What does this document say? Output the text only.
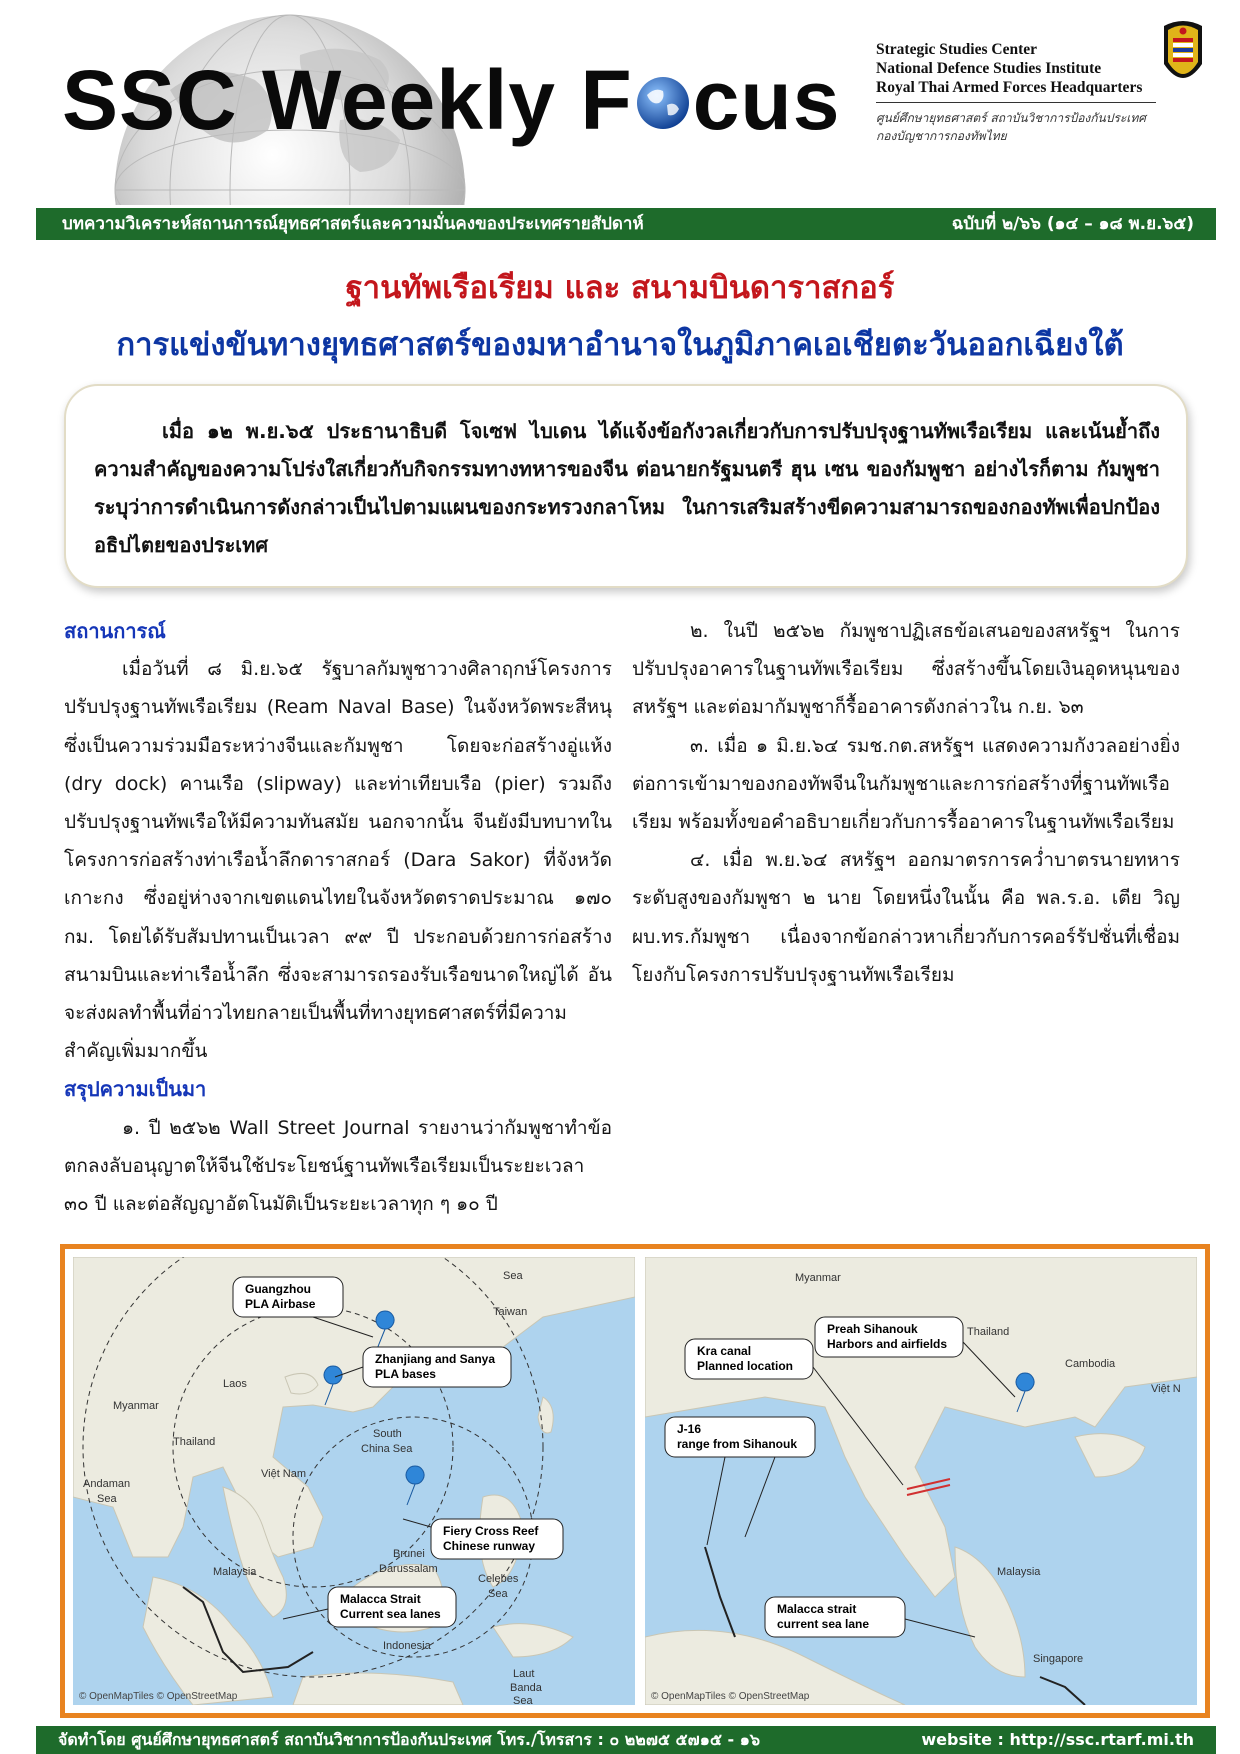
SSC Weekly F cus
Strategic Studies Center
National Defence Studies Institute
Royal Thai Armed Forces Headquarters
ศูนย์ศึกษายุทธศาสตร์ สถาบันวิชาการป้องกันประเทศ
กองบัญชาการกองทัพไทย
บทความวิเคราะห์สถานการณ์ยุทธศาสตร์และความมั่นคงของประเทศรายสัปดาห์	ฉบับที่ ๒/๖๖ (๑๔ – ๑๘ พ.ย.๖๕)
ฐานทัพเรือเรียม และ สนามบินดาราสกอร์
การแข่งขันทางยุทธศาสตร์ของมหาอำนาจในภูมิภาคเอเชียตะวันออกเฉียงใต้

เมื่อ ๑๒ พ.ย.๖๕ ประธานาธิบดี โจเซฟ ไบเดน ได้แจ้งข้อกังวลเกี่ยวกับการปรับปรุงฐานทัพเรือเรียม และเน้นย้ำถึงความสำคัญของความโปร่งใสเกี่ยวกับกิจกรรมทางทหารของจีน ต่อนายกรัฐมนตรี ฮุน เซน ของกัมพูชา อย่างไรก็ตาม กัมพูชาระบุว่าการดำเนินการดังกล่าวเป็นไปตามแผนของกระทรวงกลาโหม ในการเสริมสร้างขีดความสามารถของกองทัพเพื่อปกป้องอธิปไตยของประเทศ

สถานการณ์

เมื่อวันที่ ๘ มิ.ย.๖๕ รัฐบาลกัมพูชาวางศิลาฤกษ์โครงการปรับปรุงฐานทัพเรือเรียม (Ream Naval Base) ในจังหวัดพระสีหนุ ซึ่งเป็นความร่วมมือระหว่างจีนและกัมพูชา โดยจะก่อสร้างอู่แห้ง (dry dock) คานเรือ (slipway) และท่าเทียบเรือ (pier) รวมถึงปรับปรุงฐานทัพเรือให้มีความทันสมัย นอกจากนั้น จีนยังมีบทบาทในโครงการก่อสร้างท่าเรือน้ำลึกดาราสกอร์ (Dara Sakor) ที่จังหวัดเกาะกง ซึ่งอยู่ห่างจากเขตแดนไทยในจังหวัดตราดประมาณ ๑๗๐ กม. โดยได้รับสัมปทานเป็นเวลา ๙๙ ปี ประกอบด้วยการก่อสร้างสนามบินและท่าเรือน้ำลึก ซึ่งจะสามารถรองรับเรือขนาดใหญ่ได้ อันจะส่งผลทำพื้นที่อ่าวไทยกลายเป็นพื้นที่ทางยุทธศาสตร์ที่มีความสำคัญเพิ่มมากขึ้น

สรุปความเป็นมา

๑. ปี ๒๕๖๒ Wall Street Journal รายงานว่ากัมพูชาทำข้อตกลงลับอนุญาตให้จีนใช้ประโยชน์ฐานทัพเรือเรียมเป็นระยะเวลา ๓๐ ปี และต่อสัญญาอัตโนมัติเป็นระยะเวลาทุก ๆ ๑๐ ปี

๒. ในปี ๒๕๖๒ กัมพูชาปฏิเสธข้อเสนอของสหรัฐฯ ในการปรับปรุงอาคารในฐานทัพเรือเรียม ซึ่งสร้างขึ้นโดยเงินอุดหนุนของสหรัฐฯ และต่อมากัมพูชาก็รื้ออาคารดังกล่าวใน ก.ย. ๖๓

๓. เมื่อ ๑ มิ.ย.๖๔ รมช.กต.สหรัฐฯ แสดงความกังวลอย่างยิ่งต่อการเข้ามาของกองทัพจีนในกัมพูชาและการก่อสร้างที่ฐานทัพเรือเรียม พร้อมทั้งขอคำอธิบายเกี่ยวกับการรื้ออาคารในฐานทัพเรือเรียม

๔. เมื่อ พ.ย.๖๔ สหรัฐฯ ออกมาตรการคว่ำบาตรนายทหารระดับสูงของกัมพูชา ๒ นาย โดยหนึ่งในนั้น คือ พล.ร.อ. เตีย วิญ ผบ.ทร.กัมพูชา เนื่องจากข้อกล่าวหาเกี่ยวกับการคอร์รัปชั่นที่เชื่อมโยงกับโครงการปรับปรุงฐานทัพเรือเรียม

Guangzhou
PLA Airbase
Zhanjiang and Sanya
PLA bases
Fiery Cross Reef
Chinese runway
Malacca Strait
Current sea lanes
Taiwan
Laos
Myanmar
Thailand
Việt Nam
South
China Sea
Andaman
Sea
Brunei
Darussalam
Malaysia
Celebes
Sea
Indonesia
Laut
Banda
Sea
Sea
© OpenMapTiles © OpenStreetMap
Preah Sihanouk
Harbors and airfields
Kra canal
Planned location
J-16
range from Sihanouk
Malacca strait
current sea lane
Myanmar
Thailand
Cambodia
Việt N
Malaysia
Singapore
© OpenMapTiles © OpenStreetMap
จัดทำโดย ศูนย์ศึกษายุทธศาสตร์ สถาบันวิชาการป้องกันประเทศ โทร./โทรสาร : ๐ ๒๒๗๕ ๕๗๑๕ - ๑๖	website : http://ssc.rtarf.mi.th
